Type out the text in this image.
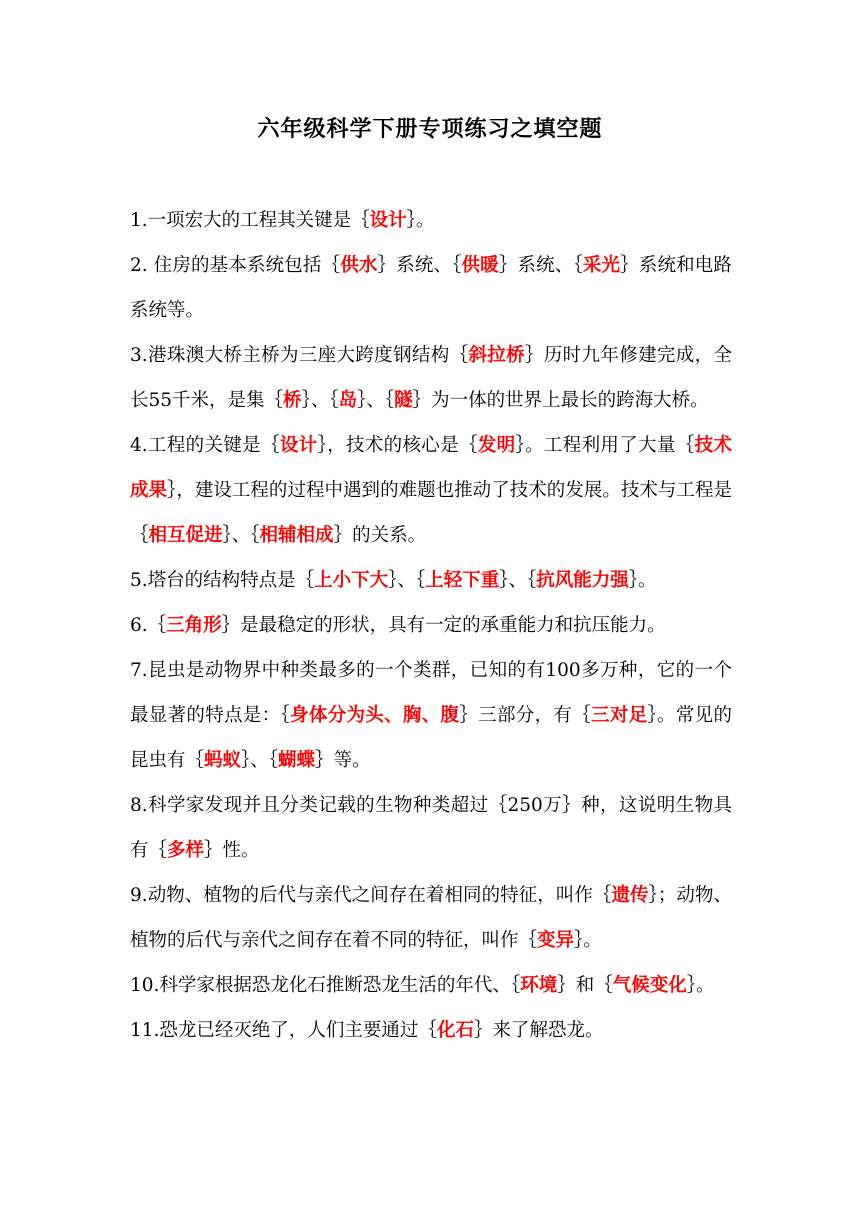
六年级科学下册专项练习之填空题

1.一项宏大的工程其关键是｛设计｝。

2. 住房的基本系统包括｛供水｝系统、｛供暖｝系统、｛采光｝系统和电路系统等。

3.港珠澳大桥主桥为三座大跨度钢结构｛斜拉桥｝历时九年修建完成，全长55千米，是集｛桥｝、｛岛｝、｛隧｝为一体的世界上最长的跨海大桥。

4.工程的关键是｛设计｝，技术的核心是｛发明｝。工程利用了大量｛技术成果｝，建设工程的过程中遇到的难题也推动了技术的发展。技术与工程是｛相互促进｝、｛相辅相成｝的关系。

5.塔台的结构特点是｛上小下大｝、｛上轻下重｝、｛抗风能力强｝。

6.｛三角形｝是最稳定的形状，具有一定的承重能力和抗压能力。

7.昆虫是动物界中种类最多的一个类群，已知的有100多万种，它的一个最显著的特点是：｛身体分为头、胸、腹｝三部分，有｛三对足｝。常见的昆虫有｛蚂蚁｝、｛蝴蝶｝等。

8.科学家发现并且分类记载的生物种类超过｛250万｝种，这说明生物具有｛多样｝性。

9.动物、植物的后代与亲代之间存在着相同的特征，叫作｛遗传｝；动物、植物的后代与亲代之间存在着不同的特征，叫作｛变异｝。

10.科学家根据恐龙化石推断恐龙生活的年代、｛环境｝和｛气候变化｝。

11.恐龙已经灭绝了，人们主要通过｛化石｝来了解恐龙。
